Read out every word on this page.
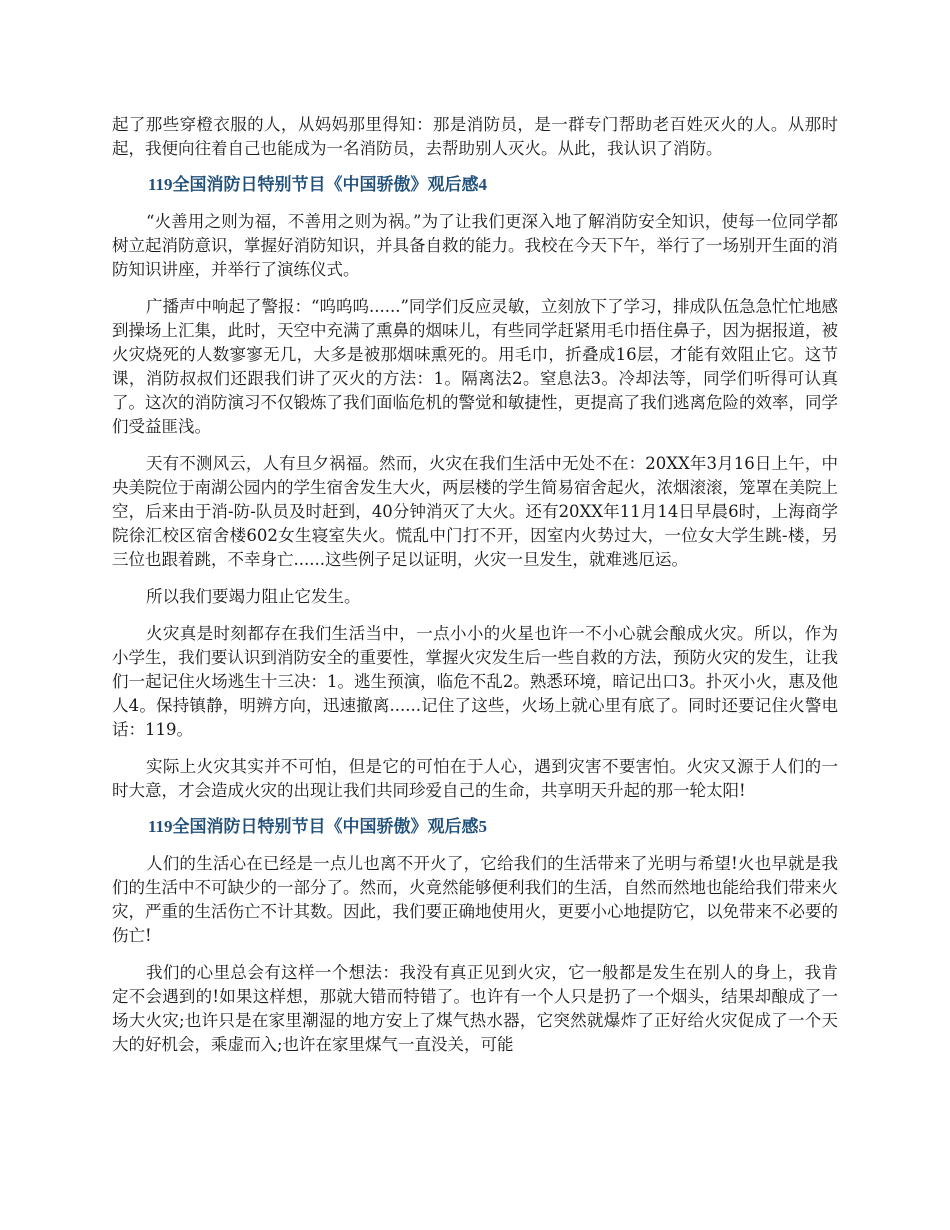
起了那些穿橙衣服的人，从妈妈那里得知：那是消防员，是一群专门帮助老百姓灭火的人。从那时起，我便向往着自己也能成为一名消防员，去帮助别人灭火。从此，我认识了消防。

119全国消防日特别节目《中国骄傲》观后感4

“火善用之则为福，不善用之则为祸。”为了让我们更深入地了解消防安全知识，使每一位同学都树立起消防意识，掌握好消防知识，并具备自救的能力。我校在今天下午，举行了一场别开生面的消防知识讲座，并举行了演练仪式。

广播声中响起了警报：“呜呜呜......”同学们反应灵敏，立刻放下了学习，排成队伍急急忙忙地感到操场上汇集，此时，天空中充满了熏鼻的烟味儿，有些同学赶紧用毛巾捂住鼻子，因为据报道，被火灾烧死的人数寥寥无几，大多是被那烟味熏死的。用毛巾，折叠成16层，才能有效阻止它。这节课，消防叔叔们还跟我们讲了灭火的方法：1。隔离法2。窒息法3。冷却法等，同学们听得可认真了。这次的消防演习不仅锻炼了我们面临危机的警觉和敏捷性，更提高了我们逃离危险的效率，同学们受益匪浅。

天有不测风云，人有旦夕祸福。然而，火灾在我们生活中无处不在：20XX年3月16日上午，中央美院位于南湖公园内的学生宿舍发生大火，两层楼的学生简易宿舍起火，浓烟滚滚，笼罩在美院上空，后来由于消-防-队员及时赶到，40分钟消灭了大火。还有20XX年11月14日早晨6时，上海商学院徐汇校区宿舍楼602女生寝室失火。慌乱中门打不开，因室内火势过大，一位女大学生跳-楼，另三位也跟着跳，不幸身亡......这些例子足以证明，火灾一旦发生，就难逃厄运。

所以我们要竭力阻止它发生。

火灾真是时刻都存在我们生活当中，一点小小的火星也许一不小心就会酿成火灾。所以，作为小学生，我们要认识到消防安全的重要性，掌握火灾发生后一些自救的方法，预防火灾的发生，让我们一起记住火场逃生十三决：1。逃生预演，临危不乱2。熟悉环境，暗记出口3。扑灭小火，惠及他人4。保持镇静，明辨方向，迅速撤离......记住了这些，火场上就心里有底了。同时还要记住火警电话：119。

实际上火灾其实并不可怕，但是它的可怕在于人心，遇到灾害不要害怕。火灾又源于人们的一时大意，才会造成火灾的出现让我们共同珍爱自己的生命，共享明天升起的那一轮太阳!

119全国消防日特别节目《中国骄傲》观后感5

人们的生活心在已经是一点儿也离不开火了，它给我们的生活带来了光明与希望!火也早就是我们的生活中不可缺少的一部分了。然而，火竟然能够便利我们的生活，自然而然地也能给我们带来火灾，严重的生活伤亡不计其数。因此，我们要正确地使用火，更要小心地提防它，以免带来不必要的伤亡!

我们的心里总会有这样一个想法：我没有真正见到火灾，它一般都是发生在别人的身上，我肯定不会遇到的!如果这样想，那就大错而特错了。也许有一个人只是扔了一个烟头，结果却酿成了一场大火灾;也许只是在家里潮湿的地方安上了煤气热水器，它突然就爆炸了正好给火灾促成了一个天大的好机会，乘虚而入;也许在家里煤气一直没关，可能
